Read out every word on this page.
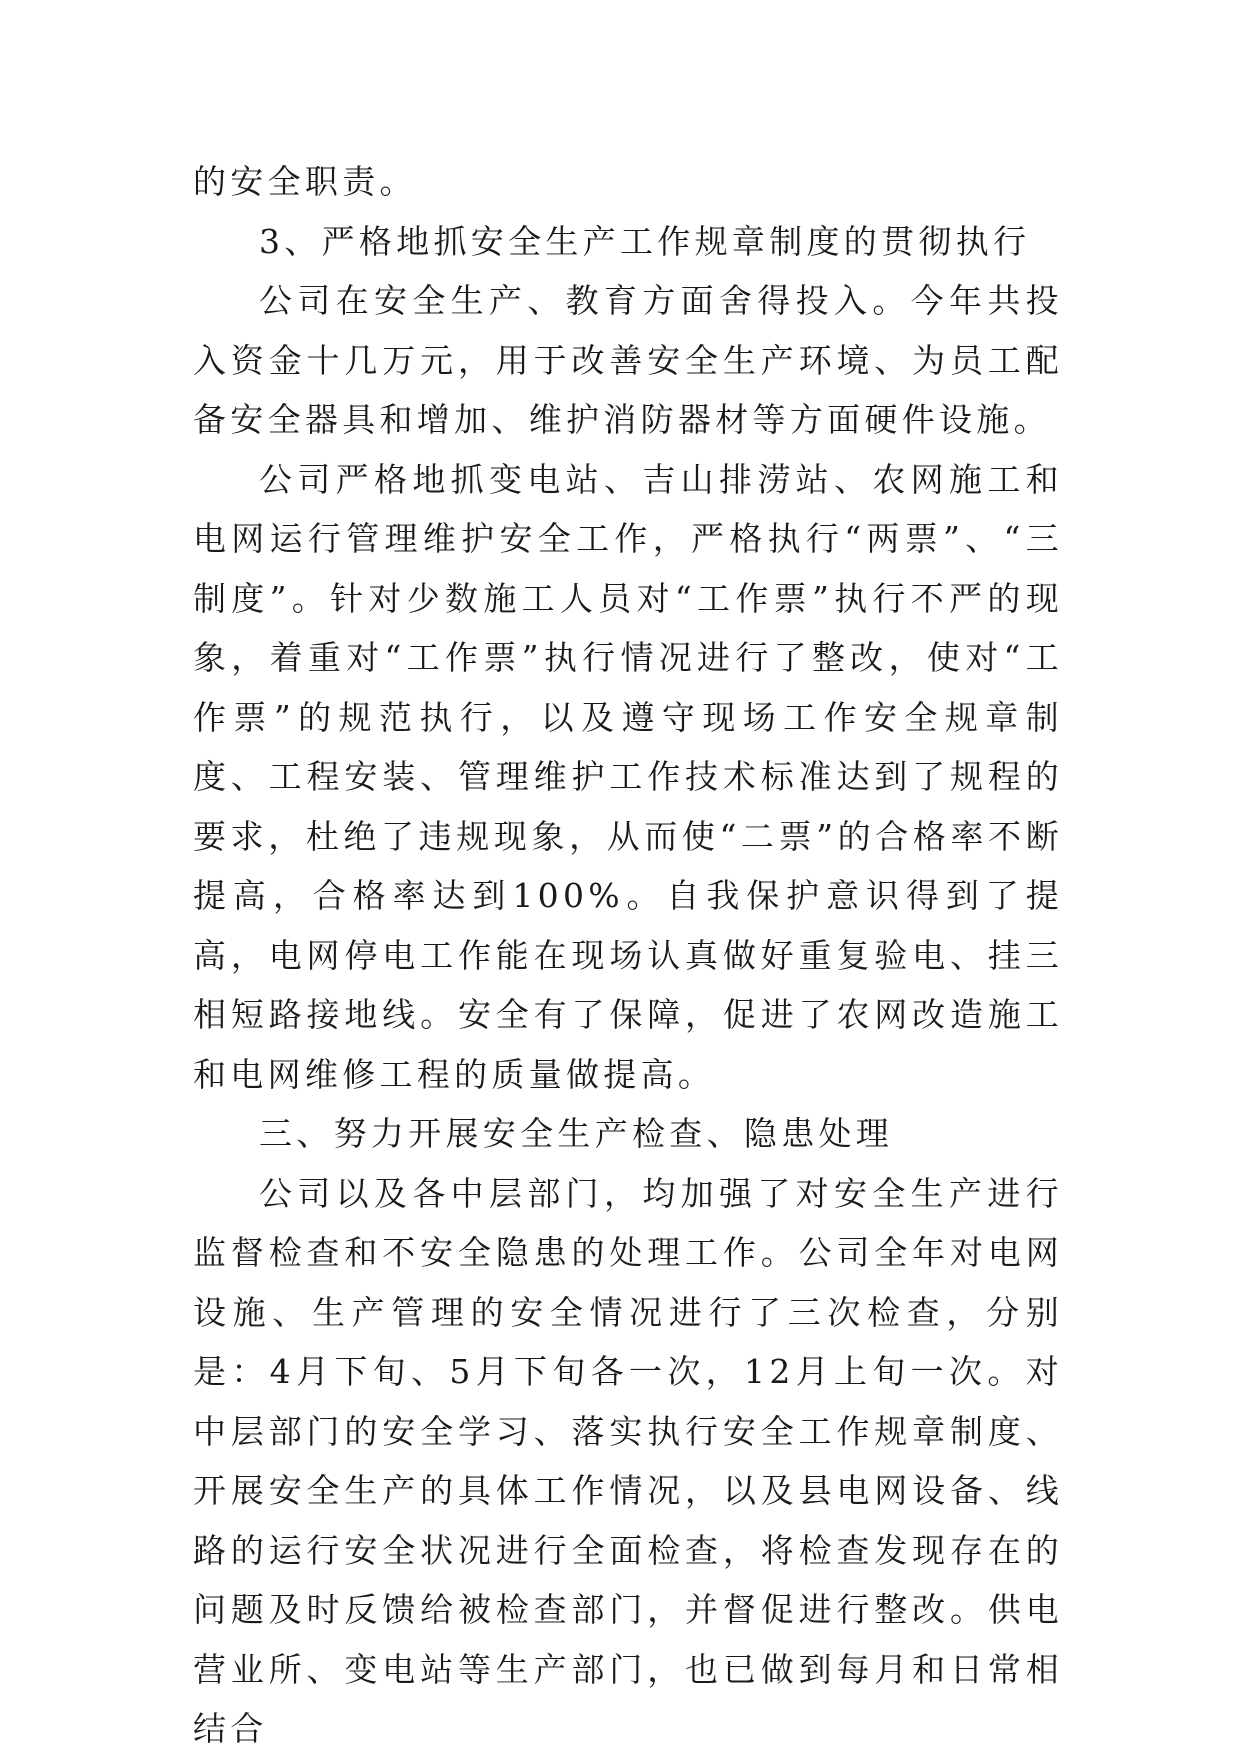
的安全职责。

3、严格地抓安全生产工作规章制度的贯彻执行

公司在安全生产、教育方面舍得投入。今年共投入资金十几万元，用于改善安全生产环境、为员工配备安全器具和增加、维护消防器材等方面硬件设施。

公司严格地抓变电站、吉山排涝站、农网施工和电网运行管理维护安全工作，严格执行“两票”、“三制度”。针对少数施工人员对“工作票”执行不严的现象，着重对“工作票”执行情况进行了整改，使对“工作票”的规范执行，以及遵守现场工作安全规章制度、工程安装、管理维护工作技术标准达到了规程的要求，杜绝了违规现象，从而使“二票”的合格率不断提高，合格率达到100%。自我保护意识得到了提高，电网停电工作能在现场认真做好重复验电、挂三相短路接地线。安全有了保障，促进了农网改造施工和电网维修工程的质量做提高。

三、努力开展安全生产检查、隐患处理

公司以及各中层部门，均加强了对安全生产进行监督检查和不安全隐患的处理工作。公司全年对电网设施、生产管理的安全情况进行了三次检查，分别是：4月下旬、5月下旬各一次，12月上旬一次。对中层部门的安全学习、落实执行安全工作规章制度、开展安全生产的具体工作情况，以及县电网设备、线路的运行安全状况进行全面检查，将检查发现存在的问题及时反馈给被检查部门，并督促进行整改。供电营业所、变电站等生产部门，也已做到每月和日常相结合
